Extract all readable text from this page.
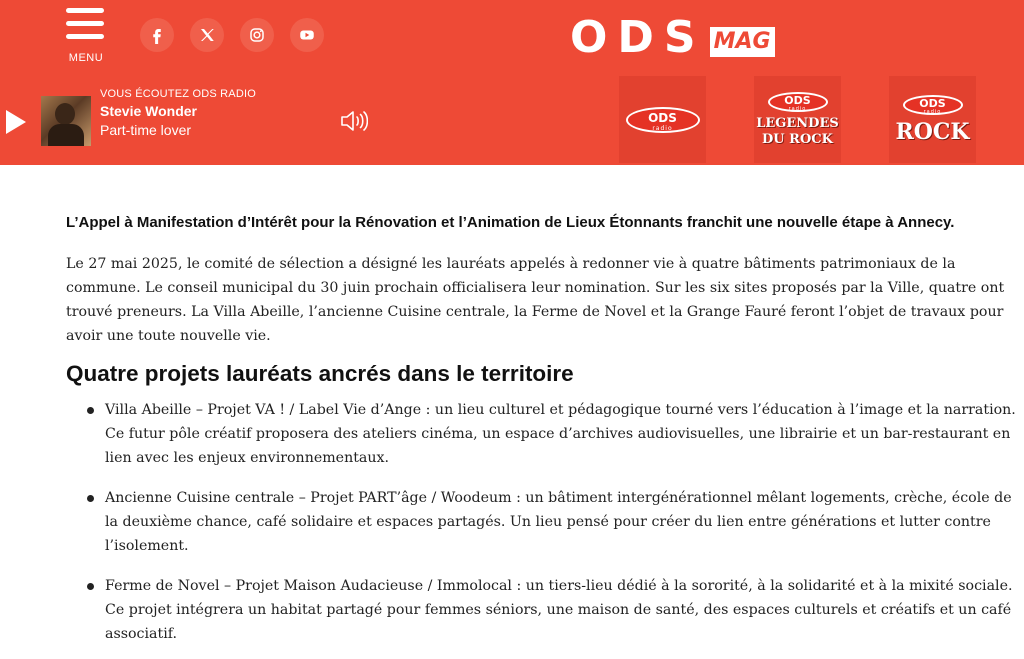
MENU	ODS MAG
VOUS ÉCOUTEZ ODS RADIO
Stevie Wonder
Part-time lover
ODS
radio
ODS
radio
LEGENDES
DU ROCK
ODS
radio
ROCK
L’Appel à Manifestation d’Intérêt pour la Rénovation et l’Animation de Lieux Étonnants franchit une nouvelle étape à Annecy.
Le 27 mai 2025, le comité de sélection a désigné les lauréats appelés à redonner vie à quatre bâtiments patrimoniaux de la commune. Le conseil municipal du 30 juin prochain officialisera leur nomination. Sur les six sites proposés par la Ville, quatre ont trouvé preneurs. La Villa Abeille, l’ancienne Cuisine centrale, la Ferme de Novel et la Grange Fauré feront l’objet de travaux pour avoir une toute nouvelle vie.
Quatre projets lauréats ancrés dans le territoire
Villa Abeille – Projet VA ! / Label Vie d’Ange : un lieu culturel et pédagogique tourné vers l’éducation à l’image et la narration. Ce futur pôle créatif proposera des ateliers cinéma, un espace d’archives audiovisuelles, une librairie et un bar-restaurant en lien avec les enjeux environnementaux.
Ancienne Cuisine centrale – Projet PART’âge / Woodeum : un bâtiment intergénérationnel mêlant logements, crèche, école de la deuxième chance, café solidaire et espaces partagés. Un lieu pensé pour créer du lien entre générations et lutter contre l’isolement.
Ferme de Novel – Projet Maison Audacieuse / Immolocal : un tiers-lieu dédié à la sororité, à la solidarité et à la mixité sociale. Ce projet intégrera un habitat partagé pour femmes séniors, une maison de santé, des espaces culturels et créatifs et un café associatif.
